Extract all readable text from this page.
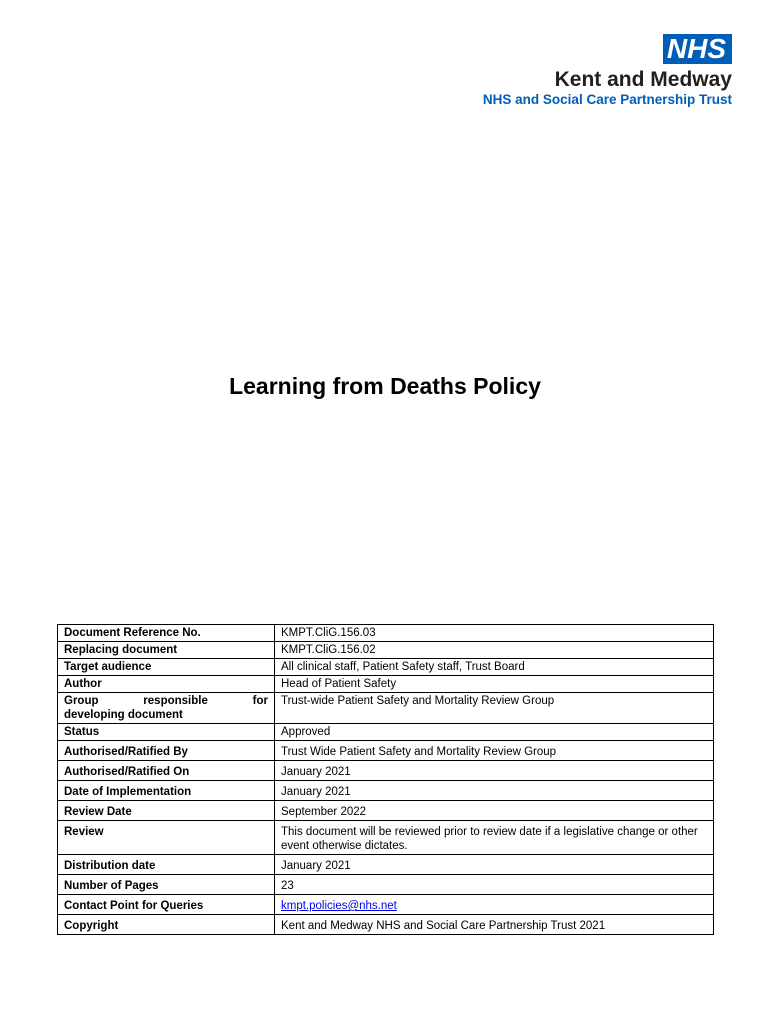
NHS
Kent and Medway
NHS and Social Care Partnership Trust
Learning from Deaths Policy
Document Reference No.	KMPT.CliG.156.03
Replacing document	KMPT.CliG.156.02
Target audience	All clinical staff, Patient Safety staff, Trust Board
Author	Head of Patient Safety

Group responsible for
developing document	Trust-wide Patient Safety and Mortality Review Group
Status	Approved
Authorised/Ratified By	Trust Wide Patient Safety and Mortality Review Group
Authorised/Ratified On	January 2021
Date of Implementation	January 2021
Review Date	September 2022
Review	This document will be reviewed prior to review date if a legislative change or other event otherwise dictates.
Distribution date	January 2021
Number of Pages	23
Contact Point for Queries	kmpt.policies@nhs.net
Copyright	Kent and Medway NHS and Social Care Partnership Trust 2021
